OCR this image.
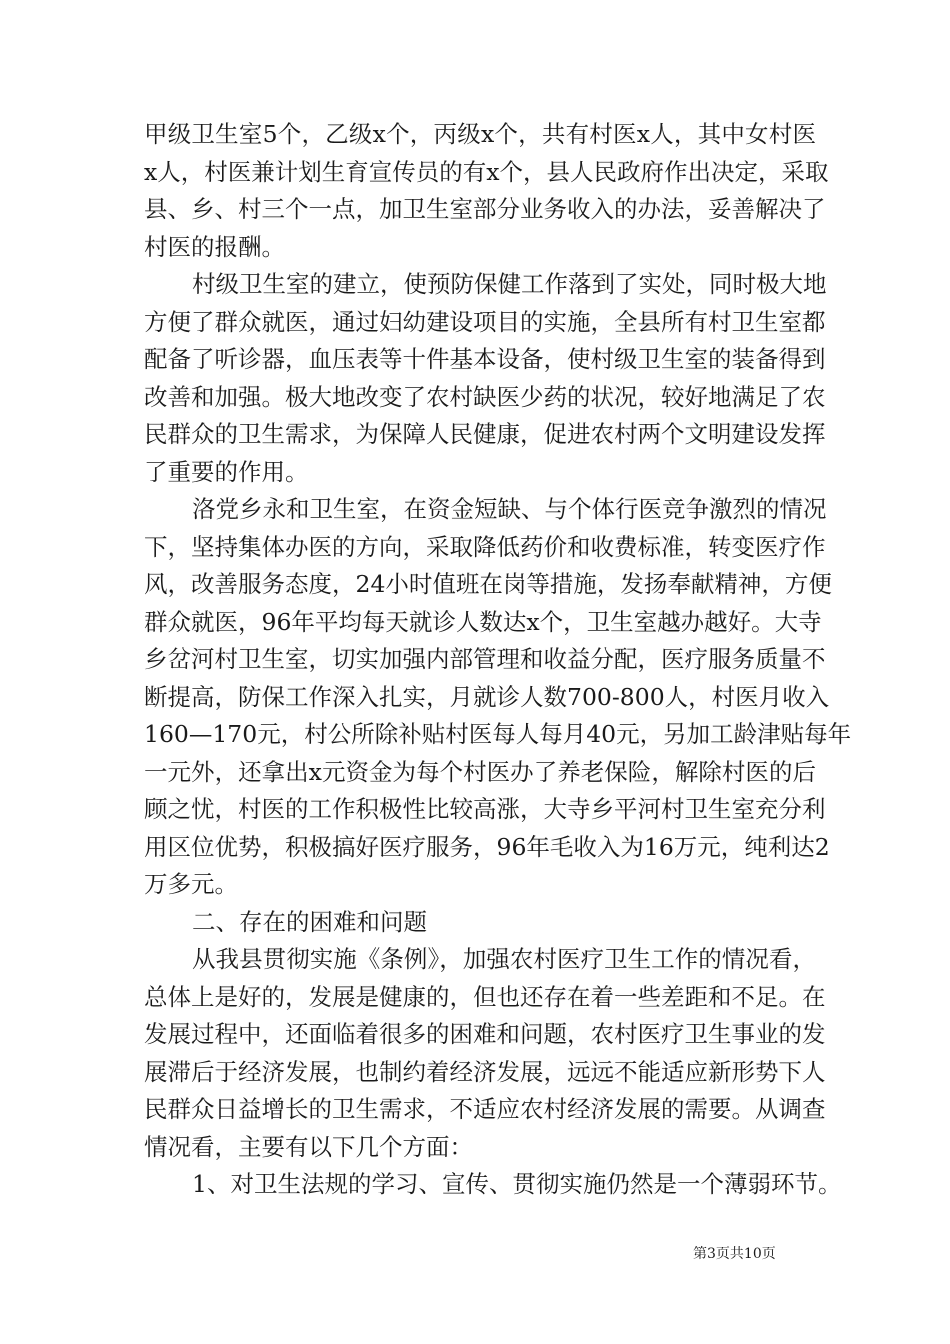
甲级卫生室5个，乙级x个，丙级x个，共有村医x人，其中女村医
x人，村医兼计划生育宣传员的有x个，县人民政府作出决定，采取
县、乡、村三个一点，加卫生室部分业务收入的办法，妥善解决了
村医的报酬。
村级卫生室的建立，使预防保健工作落到了实处，同时极大地
方便了群众就医，通过妇幼建设项目的实施，全县所有村卫生室都
配备了听诊器，血压表等十件基本设备，使村级卫生室的装备得到
改善和加强。极大地改变了农村缺医少药的状况，较好地满足了农
民群众的卫生需求，为保障人民健康，促进农村两个文明建设发挥
了重要的作用。
洛党乡永和卫生室，在资金短缺、与个体行医竞争激烈的情况
下，坚持集体办医的方向，采取降低药价和收费标准，转变医疗作
风，改善服务态度，24小时值班在岗等措施，发扬奉献精神，方便
群众就医，96年平均每天就诊人数达x个，卫生室越办越好。大寺
乡岔河村卫生室，切实加强内部管理和收益分配，医疗服务质量不
断提高，防保工作深入扎实，月就诊人数700-800人，村医月收入
160—170元，村公所除补贴村医每人每月40元，另加工龄津贴每年
一元外，还拿出x元资金为每个村医办了养老保险，解除村医的后
顾之忧，村医的工作积极性比较高涨，大寺乡平河村卫生室充分利
用区位优势，积极搞好医疗服务，96年毛收入为16万元，纯利达2
万多元。
二、存在的困难和问题
从我县贯彻实施《条例》，加强农村医疗卫生工作的情况看，
总体上是好的，发展是健康的，但也还存在着一些差距和不足。在
发展过程中，还面临着很多的困难和问题，农村医疗卫生事业的发
展滞后于经济发展，也制约着经济发展，远远不能适应新形势下人
民群众日益增长的卫生需求，不适应农村经济发展的需要。从调查
情况看，主要有以下几个方面：
1、对卫生法规的学习、宣传、贯彻实施仍然是一个薄弱环节。
第3页共10页
